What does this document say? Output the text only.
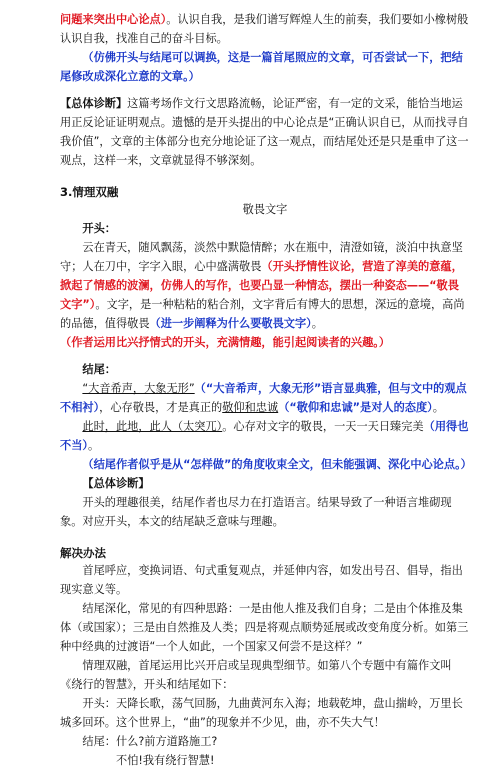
问题来突出中心论点）。认识自我，是我们谱写辉煌人生的前奏，我们要如小橡树般认识自我，找准自己的奋斗目标。

（仿佛开头与结尾可以调换，这是一篇首尾照应的文章，可否尝试一下，把结尾修改成深化立意的文章。）

【总体诊断】这篇考场作文行文思路流畅，论证严密，有一定的文采，能恰当地运用正反论证证明观点。遗憾的是开头提出的中心论点是“正确认识自已，从而找寻自我价值”，文章的主体部分也充分地论证了这一观点，而结尾处还是只是重申了这一观点，这样一来，文章就显得不够深刻。

3.情理双融

敬畏文字

开头：

云在青天，随风飘荡，淡然中默隐情醉；水在瓶中，清澄如镜，淡泊中执意坚守；人在刀中，字字入眼，心中盛满敬畏（开头抒情性议论，营造了淳美的意蕴，掀起了情感的波澜，仿佛人的写作，也要凸显一种情态，摆出一种姿态——“敬畏文字”）。文字，是一种粘粘的粘合剂，文字背后有博大的思想，深远的意境，高尚的品德，值得敬畏（进一步阐释为什么要敬畏文字）。

（作者运用比兴抒情式的开头，充满情趣，能引起阅读者的兴趣。）

结尾：

“大音希声，大象无形”（“大音希声，大象无形”语言显典雅，但与文中的观点不相衬），心存敬畏，才是真正的敬仰和忠诚（“敬仰和忠诚”是对人的态度）。

此时，此地，此人（太突兀）。心存对文字的敬畏，一天一天日臻完美（用得也不当）。

（结尾作者似乎是从“怎样做”的角度收束全文，但未能强调、深化中心论点。）

【总体诊断】

开头的理趣很美，结尾作者也尽力在打造语言。结果导致了一种语言堆砌现象。对应开头，本文的结尾缺乏意味与理趣。

解决办法

首尾呼应，变换词语、句式重复观点，并延伸内容，如发出号召、倡导，指出现实意义等。

结尾深化，常见的有四种思路：一是由他人推及我们自身；二是由个体推及集体（或国家）；三是由自然推及人类；四是将观点顺势延展或改变角度分析。如第三种中经典的过渡语“一个人如此，一个国家又何尝不是这样？”

情理双融，首尾运用比兴开启或呈现典型细节。如第八个专题中有篇作文叫《绕行的智慧》，开头和结尾如下：

开头：天降长歌，荡气回肠，九曲黄河东入海；地载乾坤，盘山揣岭，万里长城多回环。这个世界上，“曲”的现象并不少见，曲，亦不失大气！

结尾：什么?前方道路施工?

不怕!我有绕行智慧!
